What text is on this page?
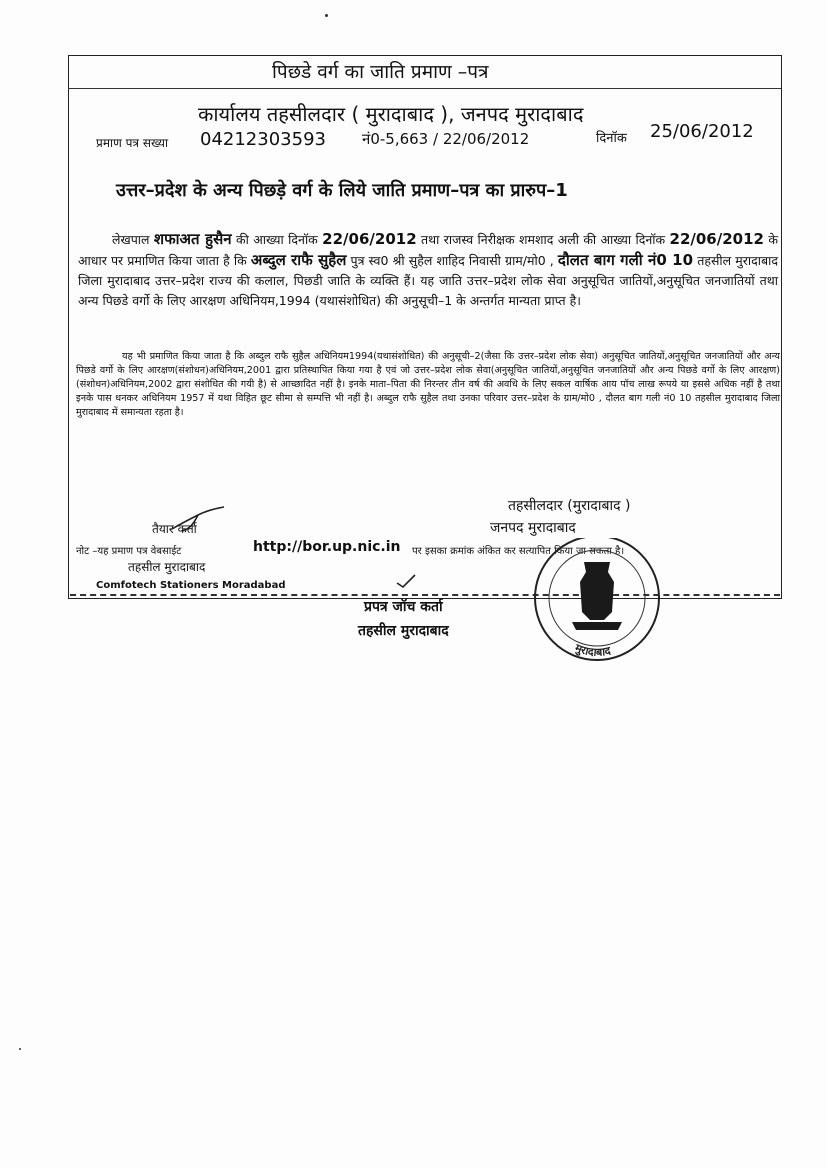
पिछडे वर्ग का जाति प्रमाण –पत्र
कार्यालय तहसीलदार ( मुरादाबाद ), जनपद मुरादाबाद
प्रमाण पत्र सख्या 04212303593 नं0-5,663 / 22/06/2012	दिनॉक 25/06/2012
उत्तर–प्रदेश के अन्य पिछड़े वर्ग के लिये जाति प्रमाण–पत्र का प्रारुप–1
लेखपाल शफाअत हुसैन की आख्या दिनॉक 22/06/2012 तथा राजस्व निरीक्षक शमशाद अली की आख्या दिनॉक 22/06/2012 के आधार पर प्रमाणित किया जाता है कि अब्दुल राफै सुहैल पुत्र स्व0 श्री सुहैल शाहिद निवासी ग्राम/मो0 , दौलत बाग गली नं0 10 तहसील मुरादाबाद जिला मुरादाबाद उत्तर–प्रदेश राज्य की कलाल, पिछडी जाति के व्यक्ति हैं। यह जाति उत्तर–प्रदेश लोक सेवा अनुसूचित जातियों,अनुसूचित जनजातियों तथा अन्य पिछडे वर्गो के लिए आरक्षण अधिनियम,1994 (यथासंशोधित) की अनुसूची–1 के अन्तर्गत मान्यता प्राप्त है।
यह भी प्रमाणित किया जाता है कि अब्दुल राफै सुहैल अधिनियम1994(यथासंशोधित) की अनुसूची–2(जैसा कि उत्तर–प्रदेश लोक सेवा) अनुसूचित जातियों,अनुसूचित जनजातियों और अन्य पिछडे वर्गो के लिए आरक्षण(संशोधन)अधिनियम,2001 द्वारा प्रतिस्थापित किया गया है एवं जो उत्तर–प्रदेश लोक सेवा(अनुसूचित जातियों,अनुसूचित जनजातियों और अन्य पिछडे वर्गो के लिए आरक्षण)(संशोधन)अधिनियम,2002 द्वारा संशोधित की गयी है) से आच्छादित नहीं है। इनके माता–पिता की निरन्तर तीन वर्ष की अवधि के लिए सकल वार्षिक आय पॉच लाख रूपये या इससे अधिक नहीं है तथा इनके पास धनकर अधिनियम 1957 में यथा विहित छूट सीमा से सम्पत्ति भी नहीं है। अब्दुल राफै सुहैल तथा उनका परिवार उत्तर–प्रदेश के ग्राम/मो0 , दौलत बाग गली नं0 10 तहसील मुरादाबाद जिला मुरादाबाद में समान्यता रहता है।
तहसीलदार (मुरादाबाद )
जनपद मुरादाबाद
तैयार कर्ता
तहसील मुरादाबाद
नोट –यह प्रमाण पत्र वेबसाईट	http://bor.up.nic.in पर इसका क्रमांक अंकित कर सत्यापित किया जा सकता है।
Comfotech Stationers Moradabad
प्रपत्र जॉच कर्ता
तहसील मुरादाबाद
मुरादाबाद
